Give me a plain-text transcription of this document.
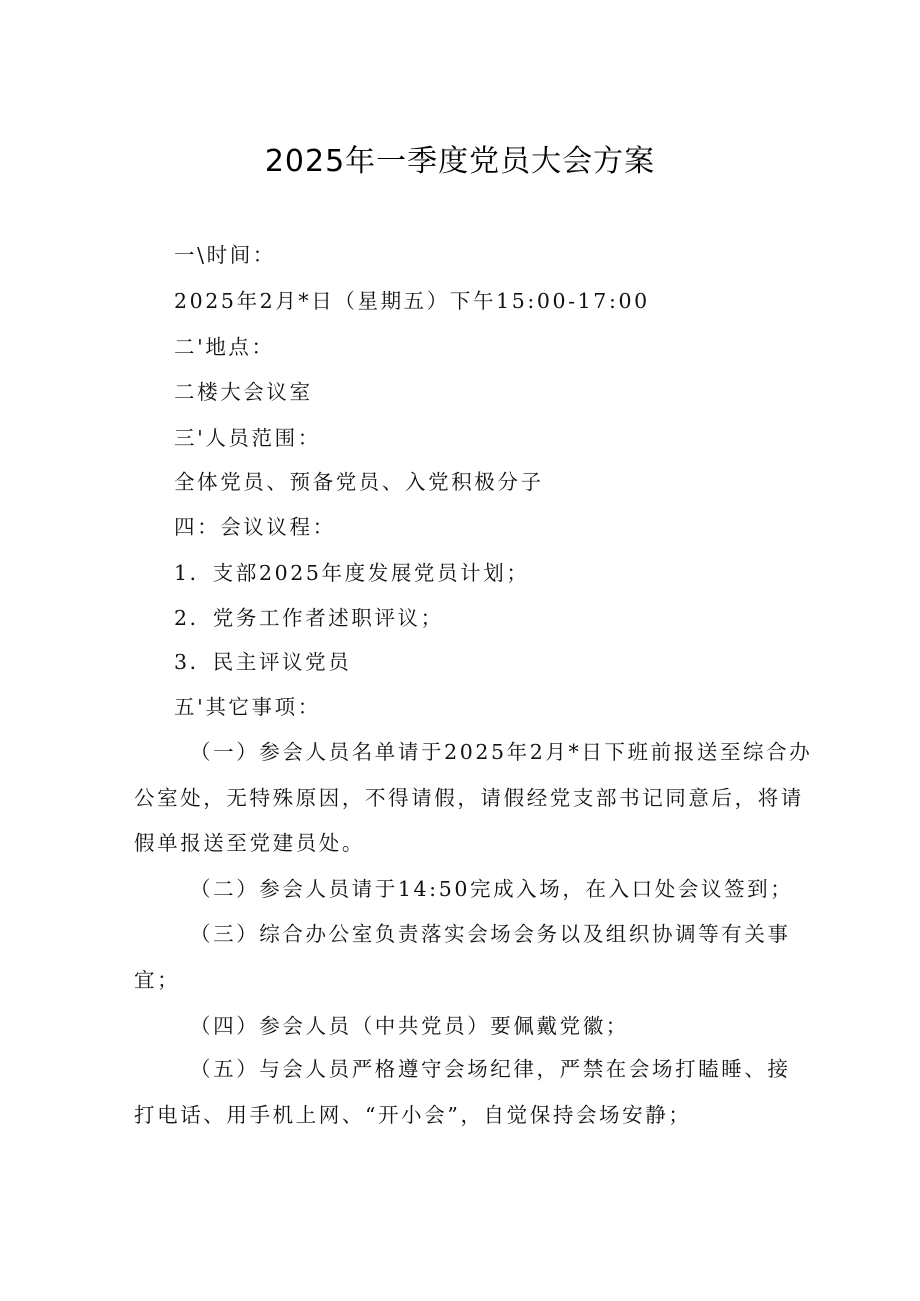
2025年一季度党员大会方案
一\时间：
2025年2月*日（星期五）下午15:00-17:00
二'地点：
二楼大会议室
三'人员范围：
全体党员、预备党员、入党积极分子
四：会议议程：
1．支部2025年度发展党员计划；
2．党务工作者述职评议；
3．民主评议党员
五'其它事项：
（一）参会人员名单请于2025年2月*日下班前报送至综合办
公室处，无特殊原因，不得请假，请假经党支部书记同意后，将请
假单报送至党建员处。
（二）参会人员请于14:50完成入场，在入口处会议签到；
（三）综合办公室负责落实会场会务以及组织协调等有关事
宜；
（四）参会人员（中共党员）要佩戴党徽；
（五）与会人员严格遵守会场纪律，严禁在会场打瞌睡、接
打电话、用手机上网、“开小会”，自觉保持会场安静；
